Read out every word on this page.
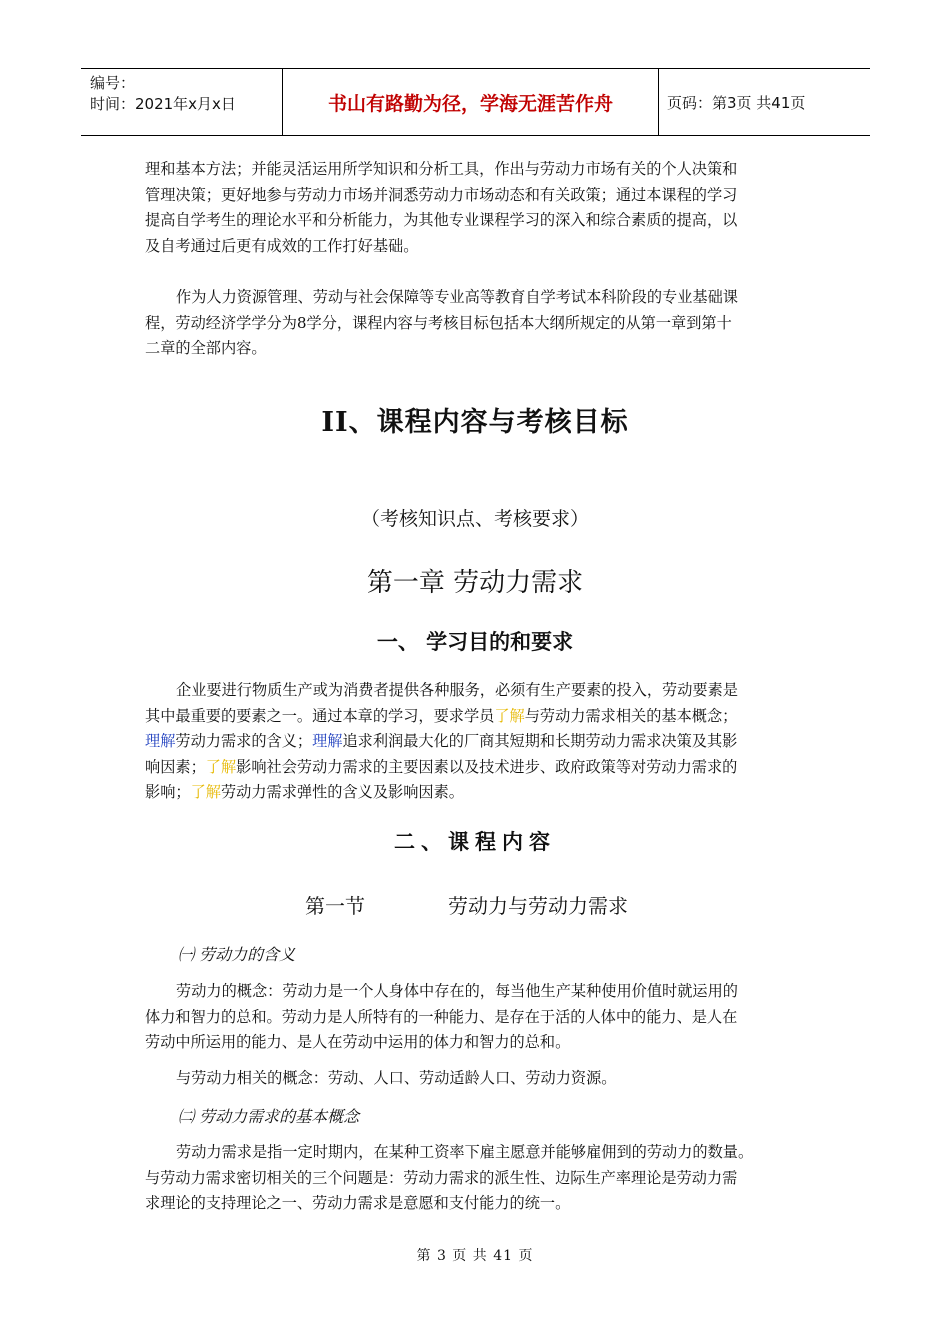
编号：
时间：2021年x月x日	书山有路勤为径，学海无涯苦作舟	页码：第3页 共41页
理和基本方法；并能灵活运用所学知识和分析工具，作出与劳动力市场有关的个人决策和
管理决策；更好地参与劳动力市场并洞悉劳动力市场动态和有关政策；通过本课程的学习
提高自学考生的理论水平和分析能力，为其他专业课程学习的深入和综合素质的提高，以
及自考通过后更有成效的工作打好基础。
作为人力资源管理、劳动与社会保障等专业高等教育自学考试本科阶段的专业基础课
程，劳动经济学学分为8学分，课程内容与考核目标包括本大纲所规定的从第一章到第十
二章的全部内容。
II、课程内容与考核目标
（考核知识点、考核要求）
第一章 劳动力需求
一、 学习目的和要求
企业要进行物质生产或为消费者提供各种服务，必须有生产要素的投入，劳动要素是
其中最重要的要素之一。通过本章的学习，要求学员了解与劳动力需求相关的基本概念；
理解劳动力需求的含义；理解追求利润最大化的厂商其短期和长期劳动力需求决策及其影
响因素；了解影响社会劳动力需求的主要因素以及技术进步、政府政策等对劳动力需求的
影响；了解劳动力需求弹性的含义及影响因素。
二、课程内容
第一节	劳动力与劳动力需求
㈠ 劳动力的含义
劳动力的概念：劳动力是一个人身体中存在的，每当他生产某种使用价值时就运用的
体力和智力的总和。劳动力是人所特有的一种能力、是存在于活的人体中的能力、是人在
劳动中所运用的能力、是人在劳动中运用的体力和智力的总和。
与劳动力相关的概念：劳动、人口、劳动适龄人口、劳动力资源。
㈡ 劳动力需求的基本概念
劳动力需求是指一定时期内，在某种工资率下雇主愿意并能够雇佣到的劳动力的数量。
与劳动力需求密切相关的三个问题是：劳动力需求的派生性、边际生产率理论是劳动力需
求理论的支持理论之一、劳动力需求是意愿和支付能力的统一。
第 3 页 共 41 页
